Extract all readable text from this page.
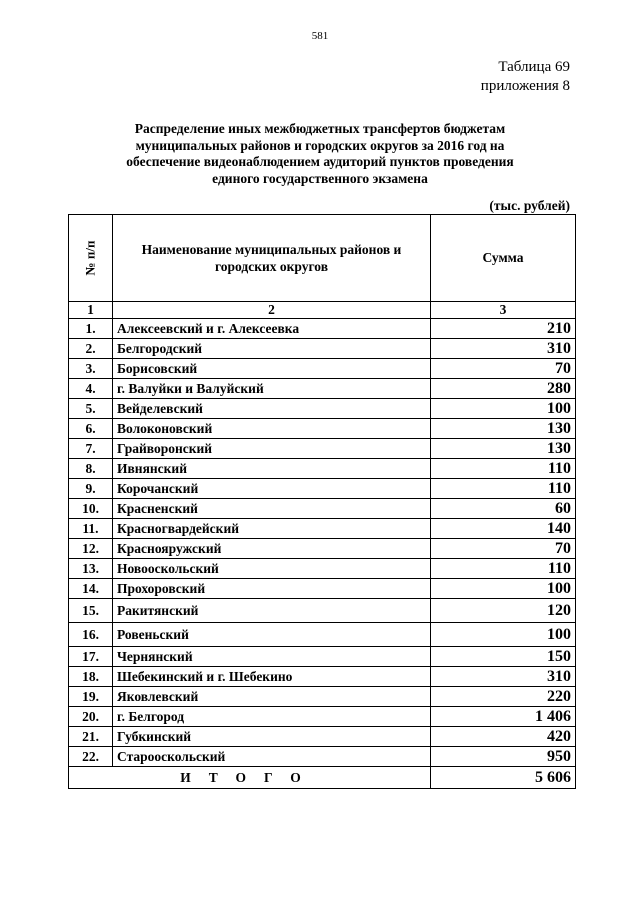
581
Таблица 69
приложения 8
Распределение иных межбюджетных трансфертов бюджетам
муниципальных районов и городских округов за 2016 год на
обеспечение видеонаблюдением аудиторий пунктов проведения
единого государственного экзамена
(тыс. рублей)
№ п/п	Наименование муниципальных районов и
городских округов	Сумма
1	2	3
1.	Алексеевский и г. Алексеевка	210
2.	Белгородский	310
3.	Борисовский	70
4.	г. Валуйки и Валуйский	280
5.	Вейделевский	100
6.	Волоконовский	130
7.	Грайворонский	130
8.	Ивнянский	110
9.	Корочанский	110
10.	Красненский	60
11.	Красногвардейский	140
12.	Краснояружский	70
13.	Новооскольский	110
14.	Прохоровский	100
15.	Ракитянский	120
16.	Ровеньский	100
17.	Чернянский	150
18.	Шебекинский и г. Шебекино	310
19.	Яковлевский	220
20.	г. Белгород	1 406
21.	Губкинский	420
22.	Старооскольский	950
ИТОГО		5 606
